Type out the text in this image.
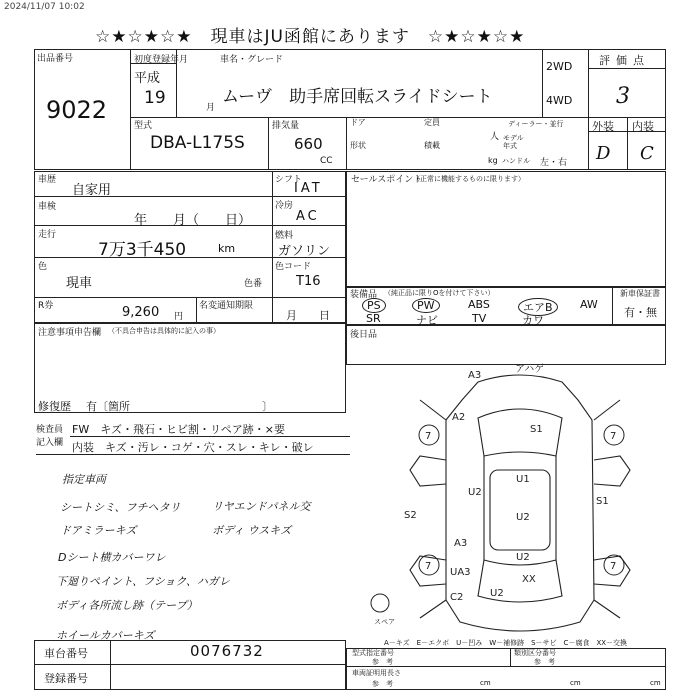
2024/11/07 10:02
☆★☆★☆★　現車はJU函館にあります　☆★☆★☆★
出品番号
9022
初度登録年月
平成
19	月
車名・グレード
ムーヴ　助手席回転スライドシート
2WD
4WD
評価点
3
型式
DBA-L175S
排気量
660
CC
ドア	定員
人
ディーラー・並行
形状	積載
モデル年式
kg ハンドル 左・右
外装 内装
D C
車歴
自家用
車検
年　　月（　　日）
走行
7万3千450	km
色
現車	色番
R券	9,260 円
名変通知期限
月　　日
シフト
IAT
冷房
AC
燃料
ガソリン
色コード
T16
注意事項申告欄 （不具合申告は具体的に記入の事）
修復歴 有〔箇所　　　　　　　　　　　　〕
セールスポイント
（正常に機能するものに限ります）
装備品 （純正品に限りOを付けて下さい）
PS	PW	ABS	エアB	AW
SR	ナビ	TV	カワ
新車保証書
有・無
後日品
検査員
記入欄
FW　キズ・飛石・ヒビ割・リペア跡・×要
内装　キズ・汚レ・コゲ・穴・スレ・キレ・破レ
指定車両
シートシミ、フチヘタリ
ドアミラーキズ
Dシート横カバーワレ
下廻りペイント、フショク、ハガレ
ボディ各所流し跡（テープ）
ホイールカバーキズ
リヤエンドパネル交
ボディ ウスキズ
7	7
7	7
A3
アハゲ
A2
S1
U2
U1
S2	U2
S1
A3
UA3
XX
C2	U2
U2
スペア
A－キズ　E－エクボ　U－凹み　W－補修跡　S－サビ　C－腐食　XX－交換
車台番号	0076732
登録番号
型式指定番号
参　考
類別区分番号
参　考
車両証明用長さ
参　考	cm	cm	cm
